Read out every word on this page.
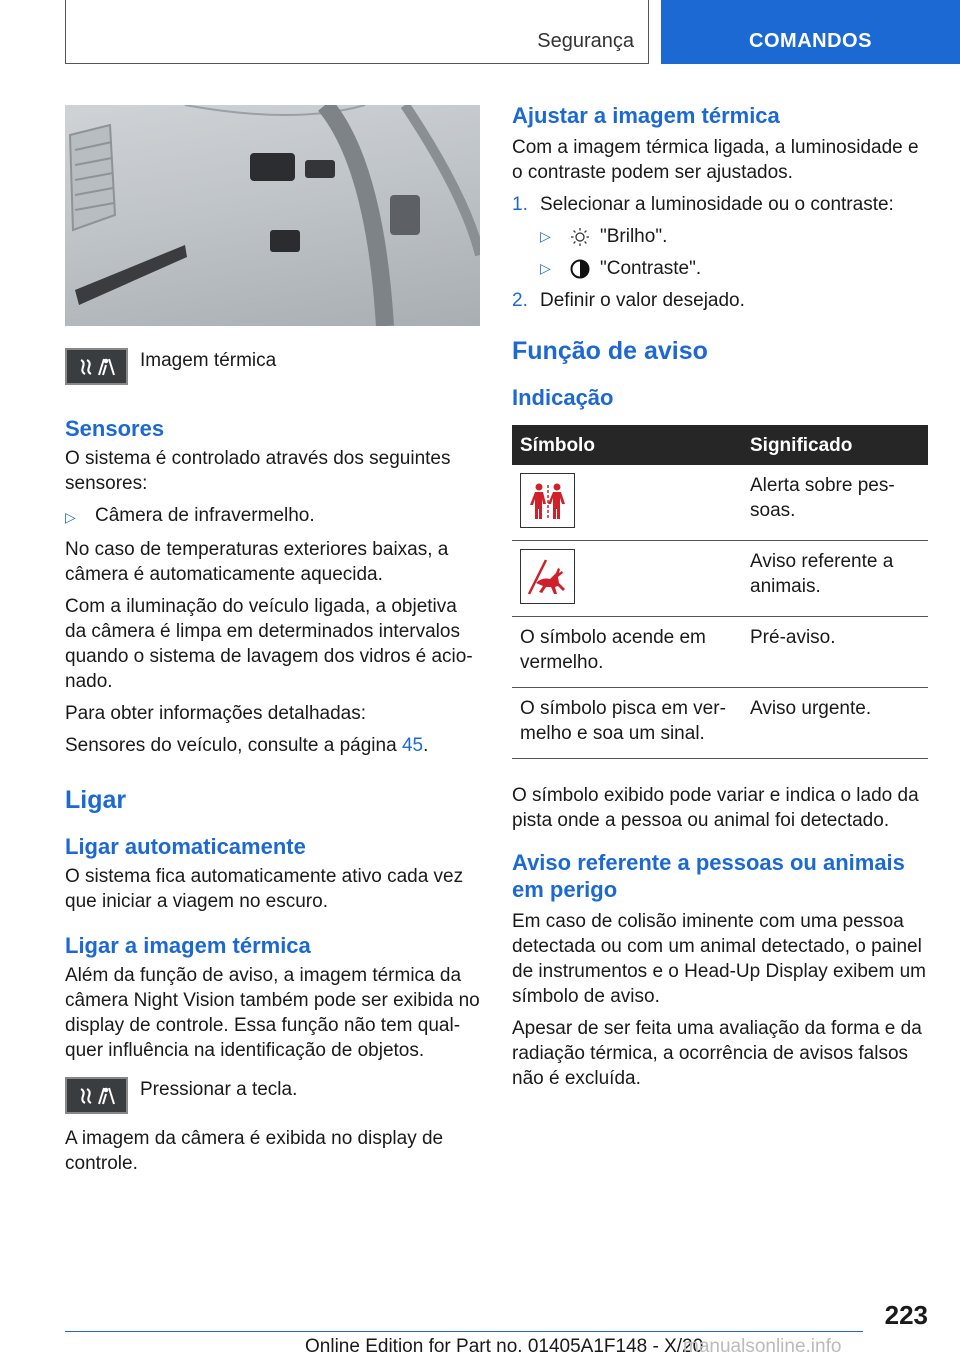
Segurança	COMANDOS

Imagem térmica

Sensores

O sistema é controlado através dos seguintes sensores:

▷	Câmera de infravermelho.

No caso de temperaturas exteriores baixas, a câmera é automaticamente aquecida.

Com a iluminação do veículo ligada, a objetiva da câmera é limpa em determinados intervalos quando o sistema de lavagem dos vidros é acionado.

Para obter informações detalhadas:

Sensores do veículo, consulte a página 45.

Ligar
Ligar automaticamente

O sistema fica automaticamente ativo cada vez que iniciar a viagem no escuro.

Ligar a imagem térmica

Além da função de aviso, a imagem térmica da câmera Night Vision também pode ser exibida no display de controle. Essa função não tem qualquer influência na identificação de objetos.

Pressionar a tecla.

A imagem da câmera é exibida no display de controle.

Ajustar a imagem térmica

Com a imagem térmica ligada, a luminosidade e o contraste podem ser ajustados.

1. Selecionar a luminosidade ou o contraste:
▷	"Brilho".
▷	"Contraste".
2. Definir o valor desejado.
Função de aviso
Indicação
Símbolo	Significado

	Alerta sobre pessoas.

	Aviso referente a animais.
O símbolo acende em vermelho.	Pré-aviso.
O símbolo pisca em vermelho e soa um sinal.	Aviso urgente.

O símbolo exibido pode variar e indica o lado da pista onde a pessoa ou animal foi detectado.

Aviso referente a pessoas ou animais em perigo

Em caso de colisão iminente com uma pessoa detectada ou com um animal detectado, o painel de instrumentos e o Head-Up Display exibem um símbolo de aviso.

Apesar de ser feita uma avaliação da forma e da radiação térmica, a ocorrência de avisos falsos não é excluída.

223
Online Edition for Part no. 01405A1F148 - X/20
manualsonline.info
